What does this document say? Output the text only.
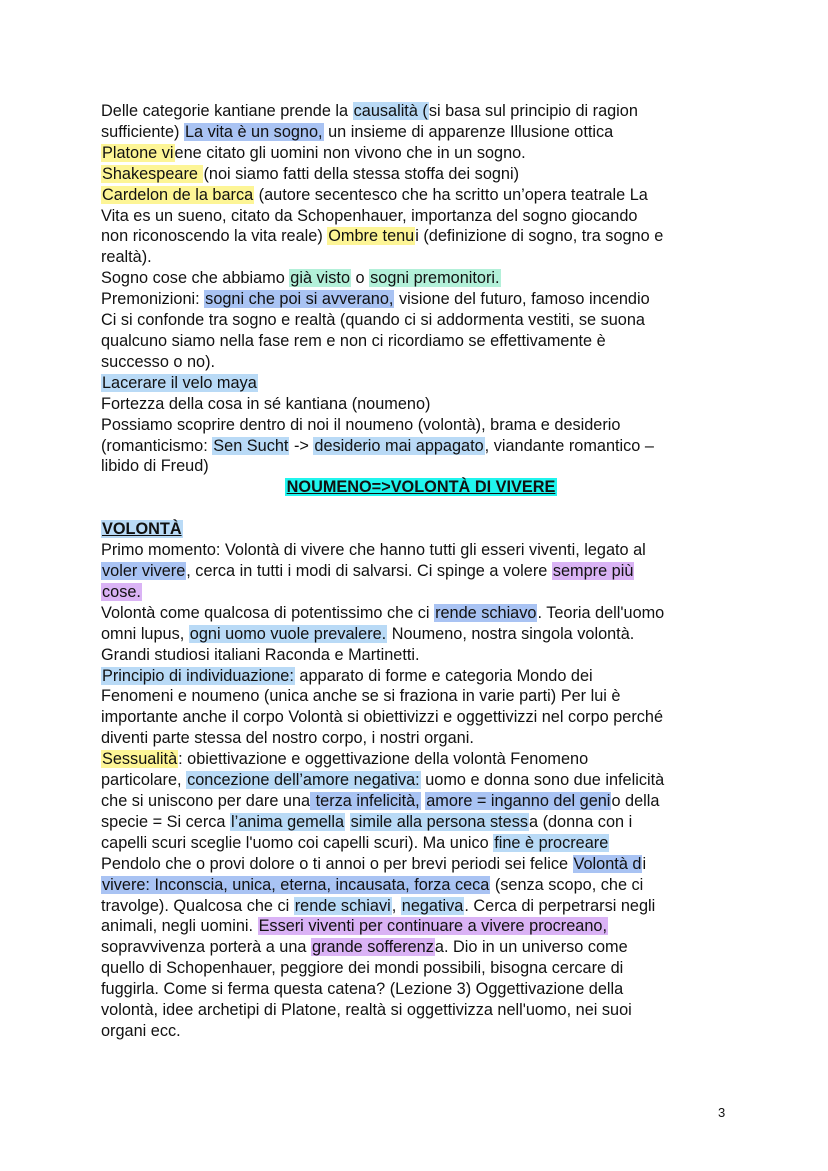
Delle categorie kantiane prende la causalità (si basa sul principio di ragion
sufficiente) La vita è un sogno, un insieme di apparenze Illusione ottica
Platone viene citato gli uomini non vivono che in un sogno.
Shakespeare (noi siamo fatti della stessa stoffa dei sogni)
Cardelon de la barca (autore secentesco che ha scritto un’opera teatrale La
Vita es un sueno, citato da Schopenhauer, importanza del sogno giocando
non riconoscendo la vita reale) Ombre tenui (definizione di sogno, tra sogno e
realtà).
Sogno cose che abbiamo già visto o sogni premonitori.
Premonizioni: sogni che poi si avverano, visione del futuro, famoso incendio
Ci si confonde tra sogno e realtà (quando ci si addormenta vestiti, se suona
qualcuno siamo nella fase rem e non ci ricordiamo se effettivamente è
successo o no).
Lacerare il velo maya
Fortezza della cosa in sé kantiana (noumeno)
Possiamo scoprire dentro di noi il noumeno (volontà), brama e desiderio
(romanticismo: Sen Sucht -> desiderio mai appagato, viandante romantico –
libido di Freud)
NOUMENO=>VOLONTÀ DI VIVERE
VOLONTÀ
Primo momento: Volontà di vivere che hanno tutti gli esseri viventi, legato al
voler vivere, cerca in tutti i modi di salvarsi. Ci spinge a volere sempre più
cose.
Volontà come qualcosa di potentissimo che ci rende schiavo. Teoria dell'uomo
omni lupus, ogni uomo vuole prevalere. Noumeno, nostra singola volontà.
Grandi studiosi italiani Raconda e Martinetti.
Principio di individuazione: apparato di forme e categoria Mondo dei
Fenomeni e noumeno (unica anche se si fraziona in varie parti) Per lui è
importante anche il corpo Volontà si obiettivizzi e oggettivizzi nel corpo perché
diventi parte stessa del nostro corpo, i nostri organi.
Sessualità: obiettivazione e oggettivazione della volontà Fenomeno
particolare, concezione dell’amore negativa: uomo e donna sono due infelicità
che si uniscono per dare una terza infelicità, amore = inganno del genio della
specie = Si cerca l’anima gemella simile alla persona stessa (donna con i
capelli scuri sceglie l'uomo coi capelli scuri). Ma unico fine è procreare
Pendolo che o provi dolore o ti annoi o per brevi periodi sei felice Volontà di
vivere: Inconscia, unica, eterna, incausata, forza ceca (senza scopo, che ci
travolge). Qualcosa che ci rende schiavi, negativa. Cerca di perpetrarsi negli
animali, negli uomini. Esseri viventi per continuare a vivere procreano,
sopravvivenza porterà a una grande sofferenza. Dio in un universo come
quello di Schopenhauer, peggiore dei mondi possibili, bisogna cercare di
fuggirla. Come si ferma questa catena? (Lezione 3) Oggettivazione della
volontà, idee archetipi di Platone, realtà si oggettivizza nell'uomo, nei suoi
organi ecc.
3
